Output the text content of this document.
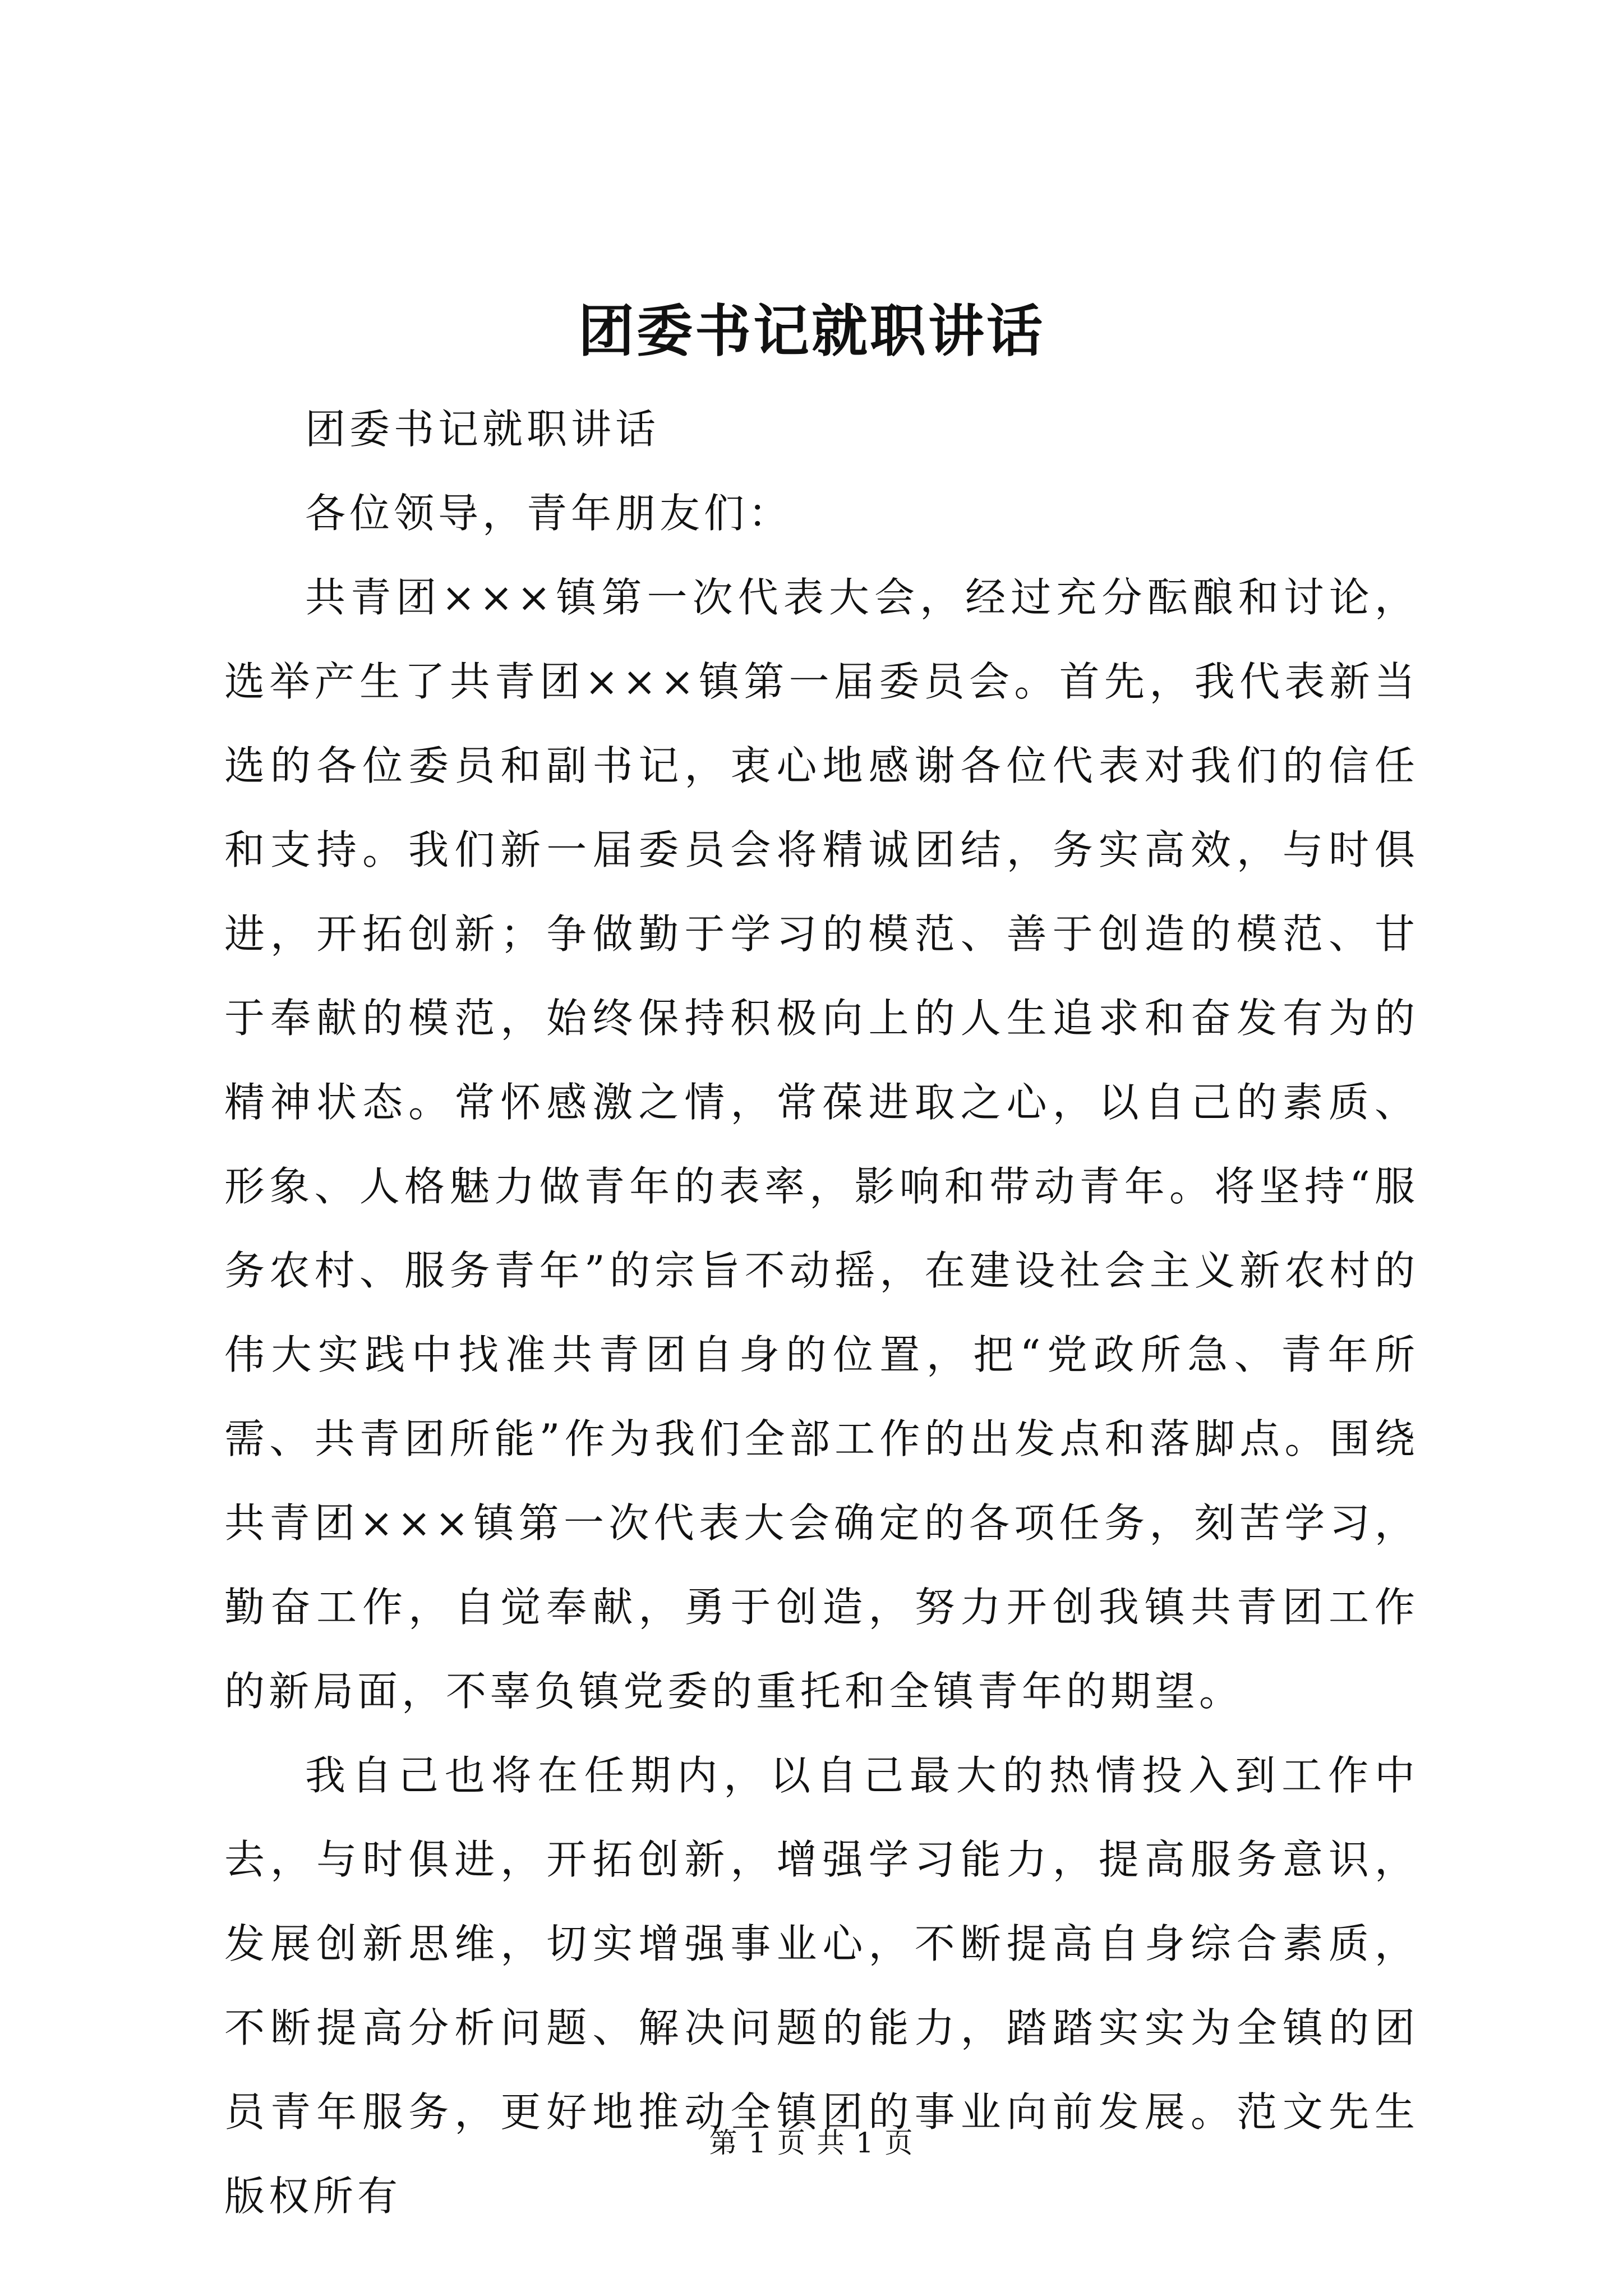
团委书记就职讲话

团委书记就职讲话

各位领导，青年朋友们：

共青团×××镇第一次代表大会，经过充分酝酿和讨论，选举产生了共青团×××镇第一届委员会。首先，我代表新当选的各位委员和副书记，衷心地感谢各位代表对我们的信任和支持。我们新一届委员会将精诚团结，务实高效，与时俱进，开拓创新；争做勤于学习的模范、善于创造的模范、甘于奉献的模范，始终保持积极向上的人生追求和奋发有为的精神状态。常怀感激之情，常葆进取之心，以自己的素质、形象、人格魅力做青年的表率，影响和带动青年。将坚持“服务农村、服务青年”的宗旨不动摇，在建设社会主义新农村的伟大实践中找准共青团自身的位置，把“党政所急、青年所需、共青团所能”作为我们全部工作的出发点和落脚点。围绕共青团×××镇第一次代表大会确定的各项任务，刻苦学习，勤奋工作，自觉奉献，勇于创造，努力开创我镇共青团工作的新局面，不辜负镇党委的重托和全镇青年的期望。

我自己也将在任期内，以自己最大的热情投入到工作中去，与时俱进，开拓创新，增强学习能力，提高服务意识，发展创新思维，切实增强事业心，不断提高自身综合素质，不断提高分析问题、解决问题的能力，踏踏实实为全镇的团员青年服务，更好地推动全镇团的事业向前发展。范文先生版权所有

第 1 页 共 1 页
